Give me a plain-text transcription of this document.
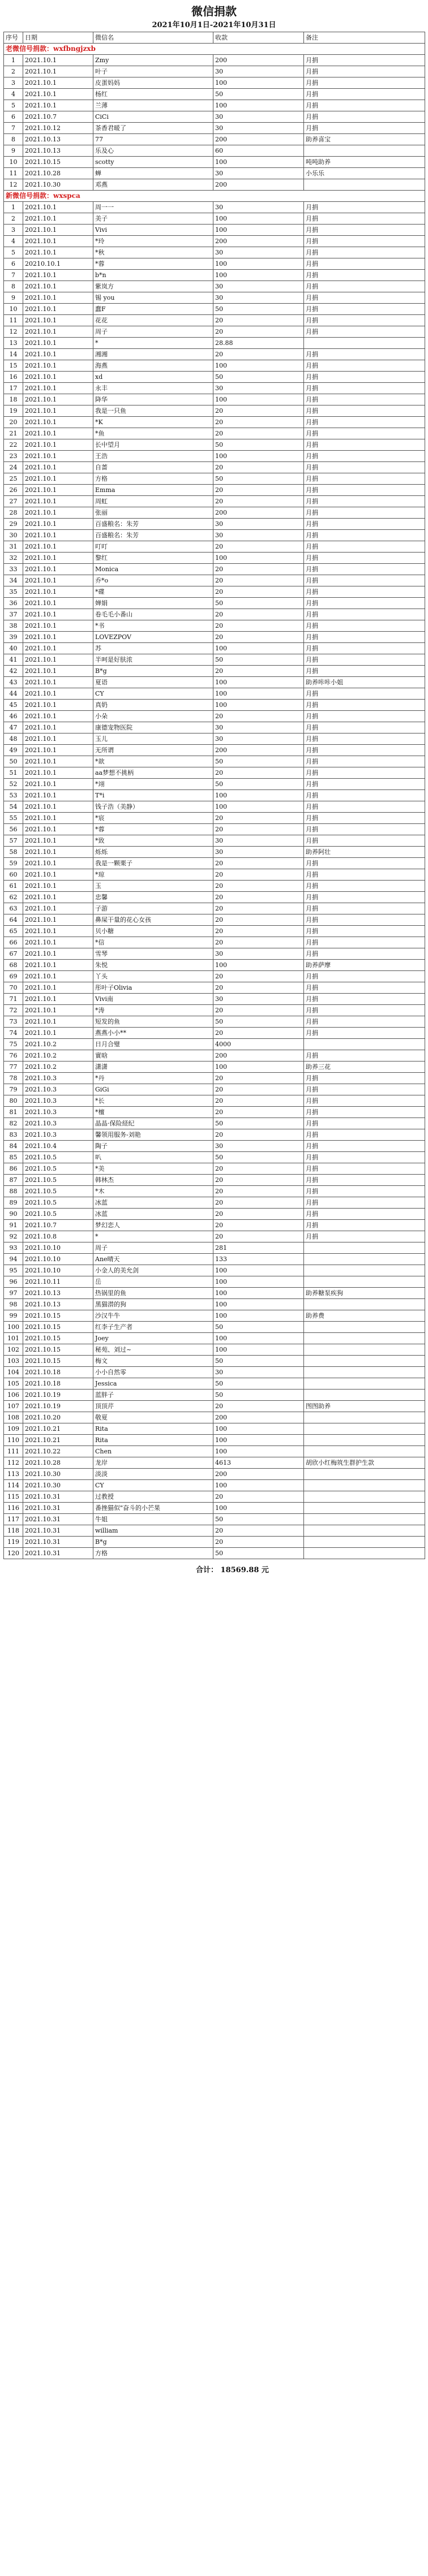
微信捐款
2021年10月1日-2021年10月31日
序号	日期	微信名	收款	备注
老微信号捐款：wxfbngjzxb				
1	2021.10.1	Zmy	200	月捐
2	2021.10.1	叶子	30	月捐
3	2021.10.1	皮蛋妈妈	100	月捐
4	2021.10.1	杨红	50	月捐
5	2021.10.1	兰薄	100	月捐
6	2021.10.7	CiCi	30	月捐
7	2021.10.12	茶香君暖了	30	月捐
8	2021.10.13	77	200	助养喜宝
9	2021.10.13	乐及心	60	
10	2021.10.15	scotty	100	吨吨助养
11	2021.10.28	蝉	30	小乐乐
12	2021.10.30	邓燕	200	
新微信号捐款：wxspca				
1	2021.10.1	周一一	30	月捐
2	2021.10.1	美子	100	月捐
3	2021.10.1	Vivi	100	月捐
4	2021.10.1	*玲	200	月捐
5	2021.10.1	*秋	30	月捐
6	20210.10.1	*蓉	100	月捐
7	2021.10.1	b*n	100	月捐
8	2021.10.1	紫岚方	30	月捐
9	2021.10.1	锡 you	30	月捐
10	2021.10.1	蠢F	50	月捐
11	2021.10.1	花花	20	月捐
12	2021.10.1	周子	20	月捐
13	2021.10.1	*	28.88	
14	2021.10.1	湘湘	20	月捐
15	2021.10.1	海燕	100	月捐
16	2021.10.1	xd	50	月捐
17	2021.10.1	永丰	30	月捐
18	2021.10.1	降华	100	月捐
19	2021.10.1	我是一只鱼	20	月捐
20	2021.10.1	*K	20	月捐
21	2021.10.1	*鱼	20	月捐
22	2021.10.1	长中望月	50	月捐
23	2021.10.1	王浩	100	月捐
24	2021.10.1	自蔷	20	月捐
25	2021.10.1	方格	50	月捐
26	2021.10.1	Emma	20	月捐
27	2021.10.1	周虹	20	月捐
28	2021.10.1	张丽	200	月捐
29	2021.10.1	百盛粮名：朱芳	30	月捐
30	2021.10.1	百盛粮名：朱芳	30	月捐
31	2021.10.1	叮叮	20	月捐
32	2021.10.1	黎红	100	月捐
33	2021.10.1	Monica	20	月捐
34	2021.10.1	乔*o	20	月捐
35	2021.10.1	*碟	20	月捐
36	2021.10.1	婵娟	50	月捐
37	2021.10.1	卷毛毛小番山	20	月捐
38	2021.10.1	*书	20	月捐
39	2021.10.1	LOVEZPOV	20	月捐
40	2021.10.1	苏	100	月捐
41	2021.10.1	半呵是好肤浓	50	月捐
42	2021.10.1	B*g	20	月捐
43	2021.10.1	夏语	100	助养咔咔小姐
44	2021.10.1	CY	100	月捐
45	2021.10.1	真奶	100	月捐
46	2021.10.1	小朵	20	月捐
47	2021.10.1	康德宠物医院	30	月捐
48	2021.10.1	玉儿	30	月捐
49	2021.10.1	无所谓	200	月捐
50	2021.10.1	*歆	50	月捐
51	2021.10.1	aa梦想不挑柄	20	月捐
52	2021.10.1	*翊	50	月捐
53	2021.10.1	T*i	100	月捐
54	2021.10.1	钱子浩（美静）	100	月捐
55	2021.10.1	*宸	20	月捐
56	2021.10.1	*蓉	20	月捐
57	2021.10.1	*致	30	月捐
58	2021.10.1	烁烁	30	助养阿壮
59	2021.10.1	我是一颗栗子	20	月捐
60	2021.10.1	*琼	20	月捐
61	2021.10.1	玉	20	月捐
62	2021.10.1	忠馨	20	月捐
63	2021.10.1	子游	20	月捐
64	2021.10.1	鼻屎干量的花心女孩	20	月捐
65	2021.10.1	贝小糖	20	月捐
66	2021.10.1	*信	20	月捐
67	2021.10.1	雪琴	30	月捐
68	2021.10.1	朱悦	100	助养萨摩
69	2021.10.1	丫头	20	月捐
70	2021.10.1	彤叶子Olivia	20	月捐
71	2021.10.1	Vivi南	30	月捐
72	2021.10.1	*涛	20	月捐
73	2021.10.1	短发的鱼	50	月捐
74	2021.10.1	燕燕小小**	20	月捐
75	2021.10.2	日月合璧	4000	
76	2021.10.2	實晗	200	月捐
77	2021.10.2	潇潇	100	助养三花
78	2021.10.3	*丹	20	月捐
79	2021.10.3	GiGi	20	月捐
80	2021.10.3	*长	20	月捐
81	2021.10.3	*檀	20	月捐
82	2021.10.3	晶晶·保险経纪	50	月捐
83	2021.10.3	馨领用服务-刘艳	20	月捐
84	2021.10.4	陶子	30	月捐
85	2021.10.5	叭	50	月捐
86	2021.10.5	*美	20	月捐
87	2021.10.5	韩林杰	20	月捐
88	2021.10.5	*木	20	月捐
89	2021.10.5	冰蓝	20	月捐
90	2021.10.5	冰蓝	20	月捐
91	2021.10.7	梦幻恋人	20	月捐
92	2021.10.8	*	20	月捐
93	2021.10.10	周子	281	
94	2021.10.10	Ane晴天	133	
95	2021.10.10	小金人的美允剑	100	
96	2021.10.11	岳	100	
97	2021.10.13	热锅里的鱼	100	助养糖泵疾狗
98	2021.10.13	黑猫潜的狗	100	
99	2021.10.15	沙汉牛牛	100	助养费
100	2021.10.15	红李子生产者	50	
101	2021.10.15	Joey	100	
102	2021.10.15	秘苑、刘过~	100	
103	2021.10.15	梅文	50	
104	2021.10.18	小小自然零	30	
105	2021.10.18	Jessica	50	
106	2021.10.19	蓝胖子	50	
107	2021.10.19	顶顶芹	20	图图助养
108	2021.10.20	敬夏	200	
109	2021.10.21	Rita	100	
110	2021.10.21	Rita	100	
111	2021.10.22	Chen	100	
112	2021.10.28	龙岸	4613	胡欣小红梅筑生群护生款
113	2021.10.30	淡淡	200	
114	2021.10.30	CY	100	
115	2021.10.31	过教授	20	
116	2021.10.31	番挫猫似"奋斗的小芒果	100	
117	2021.10.31	牛姐	50	
118	2021.10.31	william	20	
119	2021.10.31	B*g	20	
120	2021.10.31	方格	50	
合计： 18569.88 元
